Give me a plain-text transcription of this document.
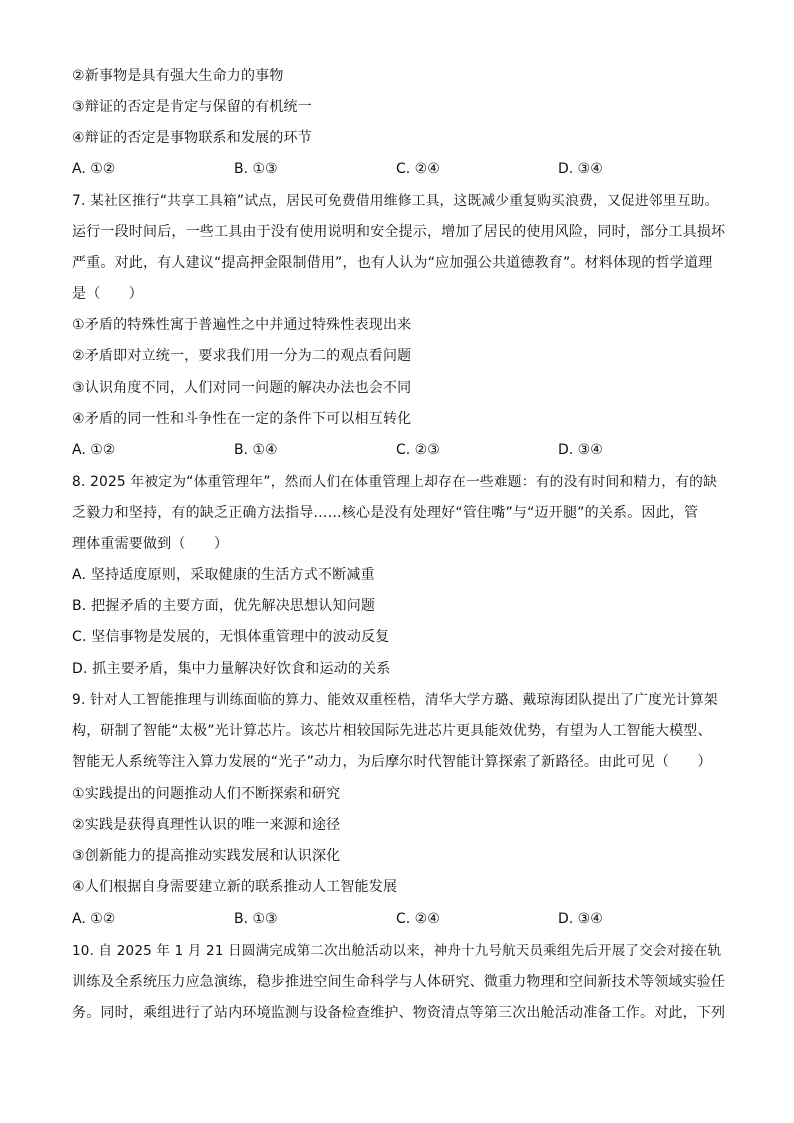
②新事物是具有强大生命力的事物
③辩证的否定是肯定与保留的有机统一
④辩证的否定是事物联系和发展的环节
A. ①②	B. ①③	C. ②④	D. ③④
7. 某社区推行“共享工具箱”试点，居民可免费借用维修工具，这既减少重复购买浪费，又促进邻里互助。
运行一段时间后，一些工具由于没有使用说明和安全提示，增加了居民的使用风险，同时，部分工具损坏
严重。对此，有人建议“提高押金限制借用”，也有人认为“应加强公共道德教育”。材料体现的哲学道理
是（　　）
①矛盾的特殊性寓于普遍性之中并通过特殊性表现出来
②矛盾即对立统一，要求我们用一分为二的观点看问题
③认识角度不同，人们对同一问题的解决办法也会不同
④矛盾的同一性和斗争性在一定的条件下可以相互转化
A. ①②	B. ①④	C. ②③	D. ③④
8. 2025 年被定为“体重管理年”，然而人们在体重管理上却存在一些难题：有的没有时间和精力，有的缺
乏毅力和坚持，有的缺乏正确方法指导……核心是没有处理好“管住嘴”与“迈开腿”的关系。因此，管
理体重需要做到（　　）
A. 坚持适度原则，采取健康的生活方式不断减重
B. 把握矛盾的主要方面，优先解决思想认知问题
C. 坚信事物是发展的，无惧体重管理中的波动反复
D. 抓主要矛盾，集中力量解决好饮食和运动的关系
9. 针对人工智能推理与训练面临的算力、能效双重桎梏，清华大学方璐、戴琼海团队提出了广度光计算架
构，研制了智能“太极”光计算芯片。该芯片相较国际先进芯片更具能效优势，有望为人工智能大模型、
智能无人系统等注入算力发展的“光子”动力，为后摩尔时代智能计算探索了新路径。由此可见（　　）
①实践提出的问题推动人们不断探索和研究
②实践是获得真理性认识的唯一来源和途径
③创新能力的提高推动实践发展和认识深化
④人们根据自身需要建立新的联系推动人工智能发展
A. ①②	B. ①③	C. ②④	D. ③④
10. 自 2025 年 1 月 21 日圆满完成第二次出舱活动以来，神舟十九号航天员乘组先后开展了交会对接在轨
训练及全系统压力应急演练，稳步推进空间生命科学与人体研究、微重力物理和空间新技术等领域实验任
务。同时，乘组进行了站内环境监测与设备检查维护、物资清点等第三次出舱活动准备工作。对此，下列
